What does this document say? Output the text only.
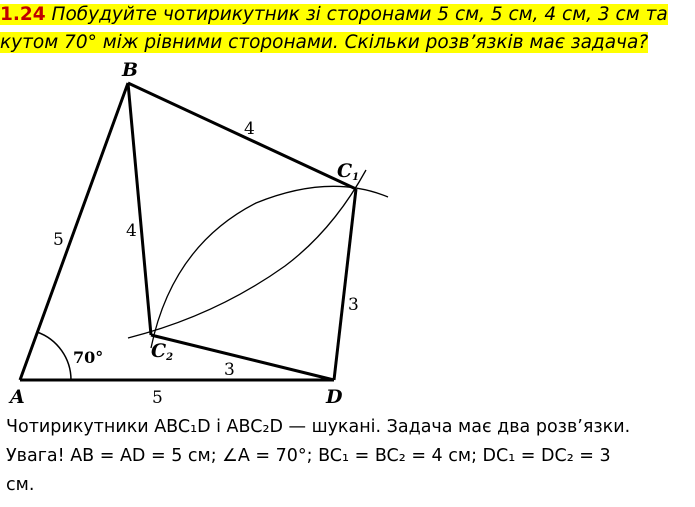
1.24 Побудуйте чотирикутник зі сторонами 5 см, 5 см, 4 см, 3 см та
кутом 70° між рівними сторонами. Скільки розв’язків має задача?
A
B
C1
C2
D
5
5
4
4
3
3
70°
Чотирикутники ABC₁D і ABC₂D — шукані. Задача має два розв’язки.
Увага! AB = AD = 5 см; ∠A = 70°; BC₁ = BC₂ = 4 см; DC₁ = DC₂ = 3
см.
